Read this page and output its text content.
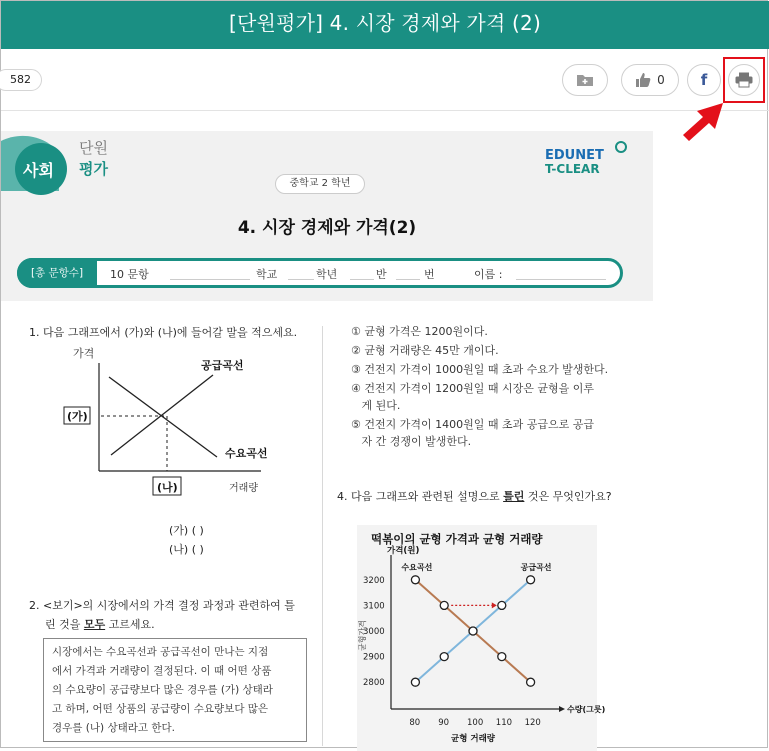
[단원평가] 4. 시장 경제와 가격 (2)
582	0 f
사회
단원
평가
EDUNET
T-CLEAR
중학교 2 학년
4. 시장 경제와 가격(2)
[총 문항수]	10 문항	학교	학년	반	번	이름 :
1. 다음 그래프에서 (가)와 (나)에 들어갈 말을 적으세요.
가격
공급곡선
수요곡선
(가)
(나)	거래량
(가) ( )
(나) ( )
2. <보기>의 시장에서의 가격 결정 과정과 관련하여 틀
린 것을 모두 고르세요.
시장에서는 수요곡선과 공급곡선이 만나는 지점
에서 가격과 거래량이 결정된다. 이 때 어떤 상품
의 수요량이 공급량보다 많은 경우를 (가) 상태라
고 하며, 어떤 상품의 공급량이 수요량보다 많은
경우를 (나) 상태라고 한다.
① 균형 가격은 1200원이다.
② 균형 거래량은 45만 개이다.
③ 건전지 가격이 1000원일 때 초과 수요가 발생한다.
④ 건전지 가격이 1200원일 때 시장은 균형을 이루
게 된다.
⑤ 건전지 가격이 1400원일 때 초과 공급으로 공급
자 간 경쟁이 발생한다.
4. 다음 그래프와 관련된 설명으로 틀린 것은 무엇인가요?
떡볶이의 균형 가격과 균형 거래량
가격(원)
수량(그릇)
균형가격
균형 거래량
2800
2900
3000
3100
3200
80 90 100 110 120
수요곡선	공급곡선
